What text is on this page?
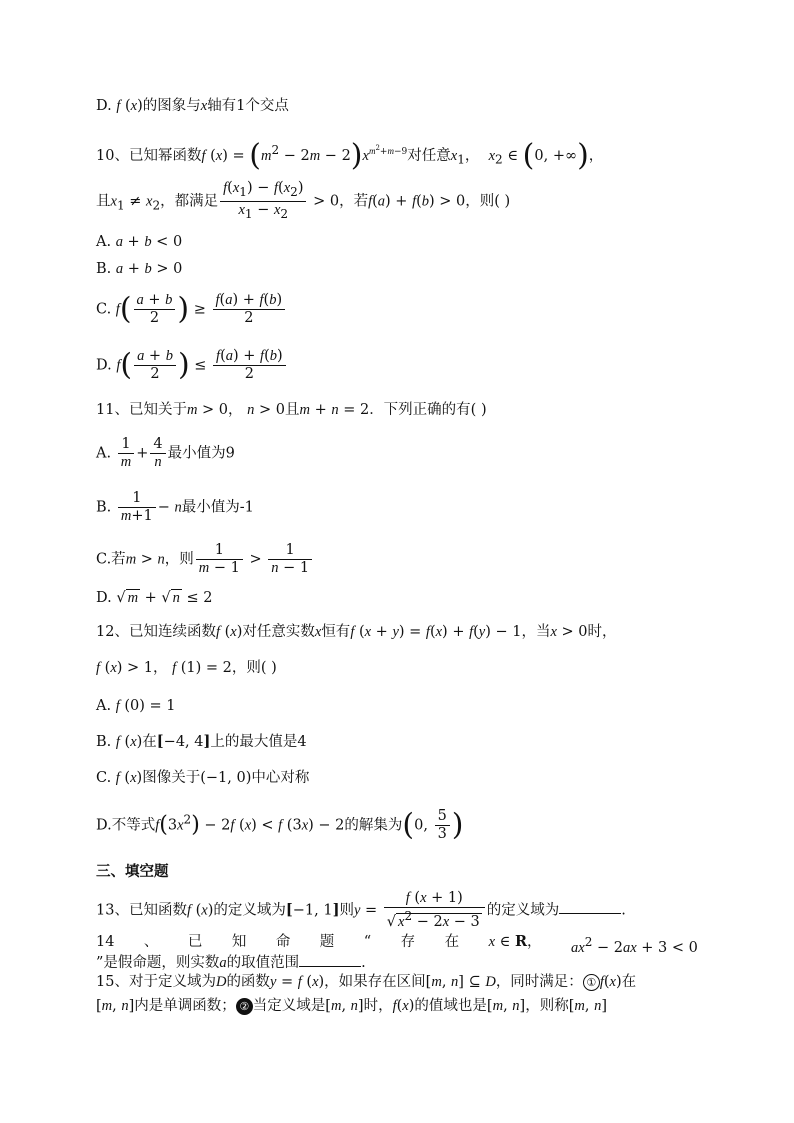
D. f (x)的图象与x轴有1个交点
10、已知幂函数f $(x) = (m^2 - 2m - 2)x^{m^2+m-9}$对任意$x_1$，  $x_2$ ∈ (0, +∞)，
且$x_1 \ne x_2$，都满足 $\frac{f(x_1) - f(x_2)}{x_1 - x_2} > 0$，若f(a) + f(b) > 0，则( )
A. a + b < 0
B. a + b > 0
C. $f( \frac{a + b}{2}$ ) ≥ $\frac{f(a) + f(b)}{2}$
D. $f( \frac{a + b}{2}$ ) ≤ $\frac{f(a) + f(b)}{2}$
11、已知关于m > 0， n > 0且m + n = 2．下列正确的有( )
A. $\frac{1}{m} + \frac{4}{n}$ 最小值为9
B. $\frac{1}{m+1} - n$最小值为-1
C.若m > n，则 $\frac{1}{m - 1} > \frac{1}{n - 1}$
D. √ m + √ n ≤ 2
12、已知连续函数f (x)对任意实数x恒有f (x + y) = f(x) + f(y) − 1，当x > 0时，
f (x) > 1， f (1) = 2，则( )
A. f (0) = 1
B. f (x)在[−4, 4]上的最大值是4
C. f (x)图像关于(−1, 0)中心对称
D.不等式$f(3x^2) - 2f$ (x) < f (3x) − 2的解集为(0, $\frac{5}{3}$ )
三、填空题
13、已知函数f (x)的定义域为[−1, 1]则$y = \frac{f (x + 1)}{√ x^2 - 2x - 3}$ 的定义域为	.
14 、 已 知 命 题 “ 存 在 x ∈ R， $ax^2 - 2ax + 3 < 0$
”是假命题，则实数a的取值范围	.
15、对于定义域为D的函数y = f (x)，如果存在区间[m, n] ⊆ D，同时满足： ① f(x)在
[m, n]内是单调函数； ② 当定义域是[m, n]时，f(x)的值域也是[m, n]，则称[m, n]
